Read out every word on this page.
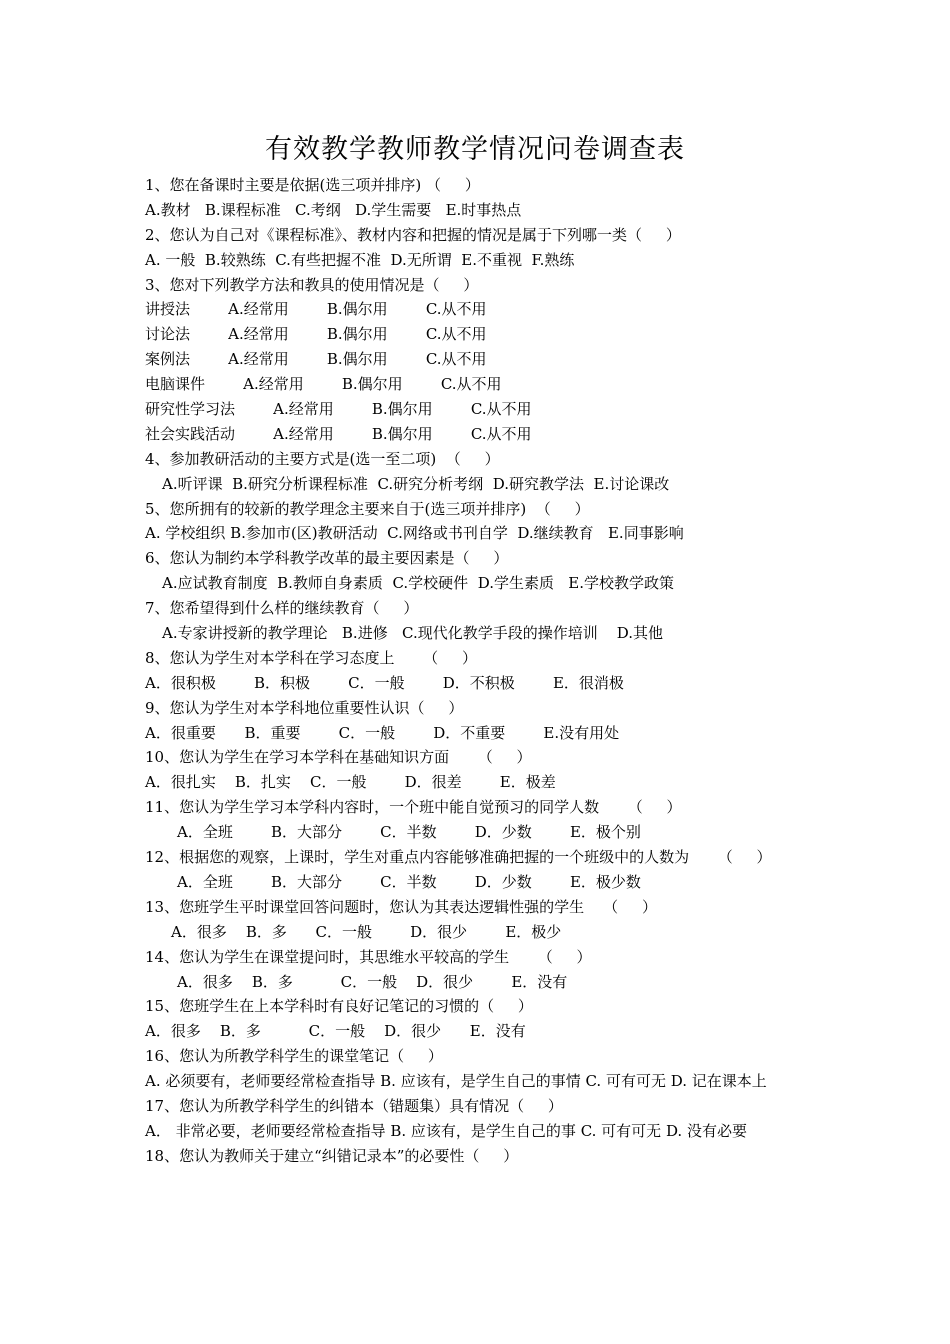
有效教学教师教学情况问卷调查表
1、您在备课时主要是依据(选三项并排序) （     ）
A.教材   B.课程标准   C.考纲   D.学生需要   E.时事热点
2、您认为自己对《课程标准》、教材内容和把握的情况是属于下列哪一类（     ）
A. 一般  B.较熟练  C.有些把握不准  D.无所谓  E.不重视  F.熟练
3、您对下列教学方法和教具的使用情况是（     ）
讲授法        A.经常用        B.偶尔用        C.从不用
讨论法        A.经常用        B.偶尔用        C.从不用
案例法        A.经常用        B.偶尔用        C.从不用
电脑课件        A.经常用        B.偶尔用        C.从不用
研究性学习法        A.经常用        B.偶尔用        C.从不用
社会实践活动        A.经常用        B.偶尔用        C.从不用
4、参加教研活动的主要方式是(选一至二项)  （     ）
A.听评课  B.研究分析课程标准  C.研究分析考纲  D.研究教学法  E.讨论课改
5、您所拥有的较新的教学理念主要来自于(选三项并排序)  （     ）
A. 学校组织 B.参加市(区)教研活动  C.网络或书刊自学  D.继续教育   E.同事影响
6、您认为制约本学科教学改革的最主要因素是（     ）
A.应试教育制度  B.教师自身素质  C.学校硬件  D.学生素质   E.学校教学政策
7、您希望得到什么样的继续教育（     ）
A.专家讲授新的教学理论   B.进修   C.现代化教学手段的操作培训    D.其他
8、您认为学生对本学科在学习态度上      （     ）
A．很积极        B．积极        C．一般        D．不积极        E．很消极
9、您认为学生对本学科地位重要性认识（     ）
A．很重要      B．重要        C．一般        D．不重要        E.没有用处
10、您认为学生在学习本学科在基础知识方面      （     ）
A．很扎实    B．扎实    C．一般        D．很差        E．极差
11、您认为学生学习本学科内容时，一个班中能自觉预习的同学人数      （     ）
A．全班        B．大部分        C．半数        D．少数        E．极个别
12、根据您的观察，上课时，学生对重点内容能够准确把握的一个班级中的人数为      （     ）
A．全班        B．大部分        C．半数        D．少数        E．极少数
13、您班学生平时课堂回答问题时，您认为其表达逻辑性强的学生    （     ）
A．很多    B．多      C．一般        D．很少        E．极少
14、您认为学生在课堂提问时，其思维水平较高的学生      （     ）
A．很多    B．多          C．一般    D．很少        E．没有
15、您班学生在上本学科时有良好记笔记的习惯的（     ）
A．很多    B．多          C．一般    D．很少      E．没有
16、您认为所教学科学生的课堂笔记（     ）
A. 必须要有，老师要经常检查指导 B. 应该有，是学生自己的事情 C. 可有可无 D. 记在课本上
17、您认为所教学科学生的纠错本（错题集）具有情况（     ）
A． 非常必要，老师要经常检查指导 B. 应该有，是学生自己的事 C. 可有可无 D. 没有必要
18、您认为教师关于建立“纠错记录本”的必要性（     ）
